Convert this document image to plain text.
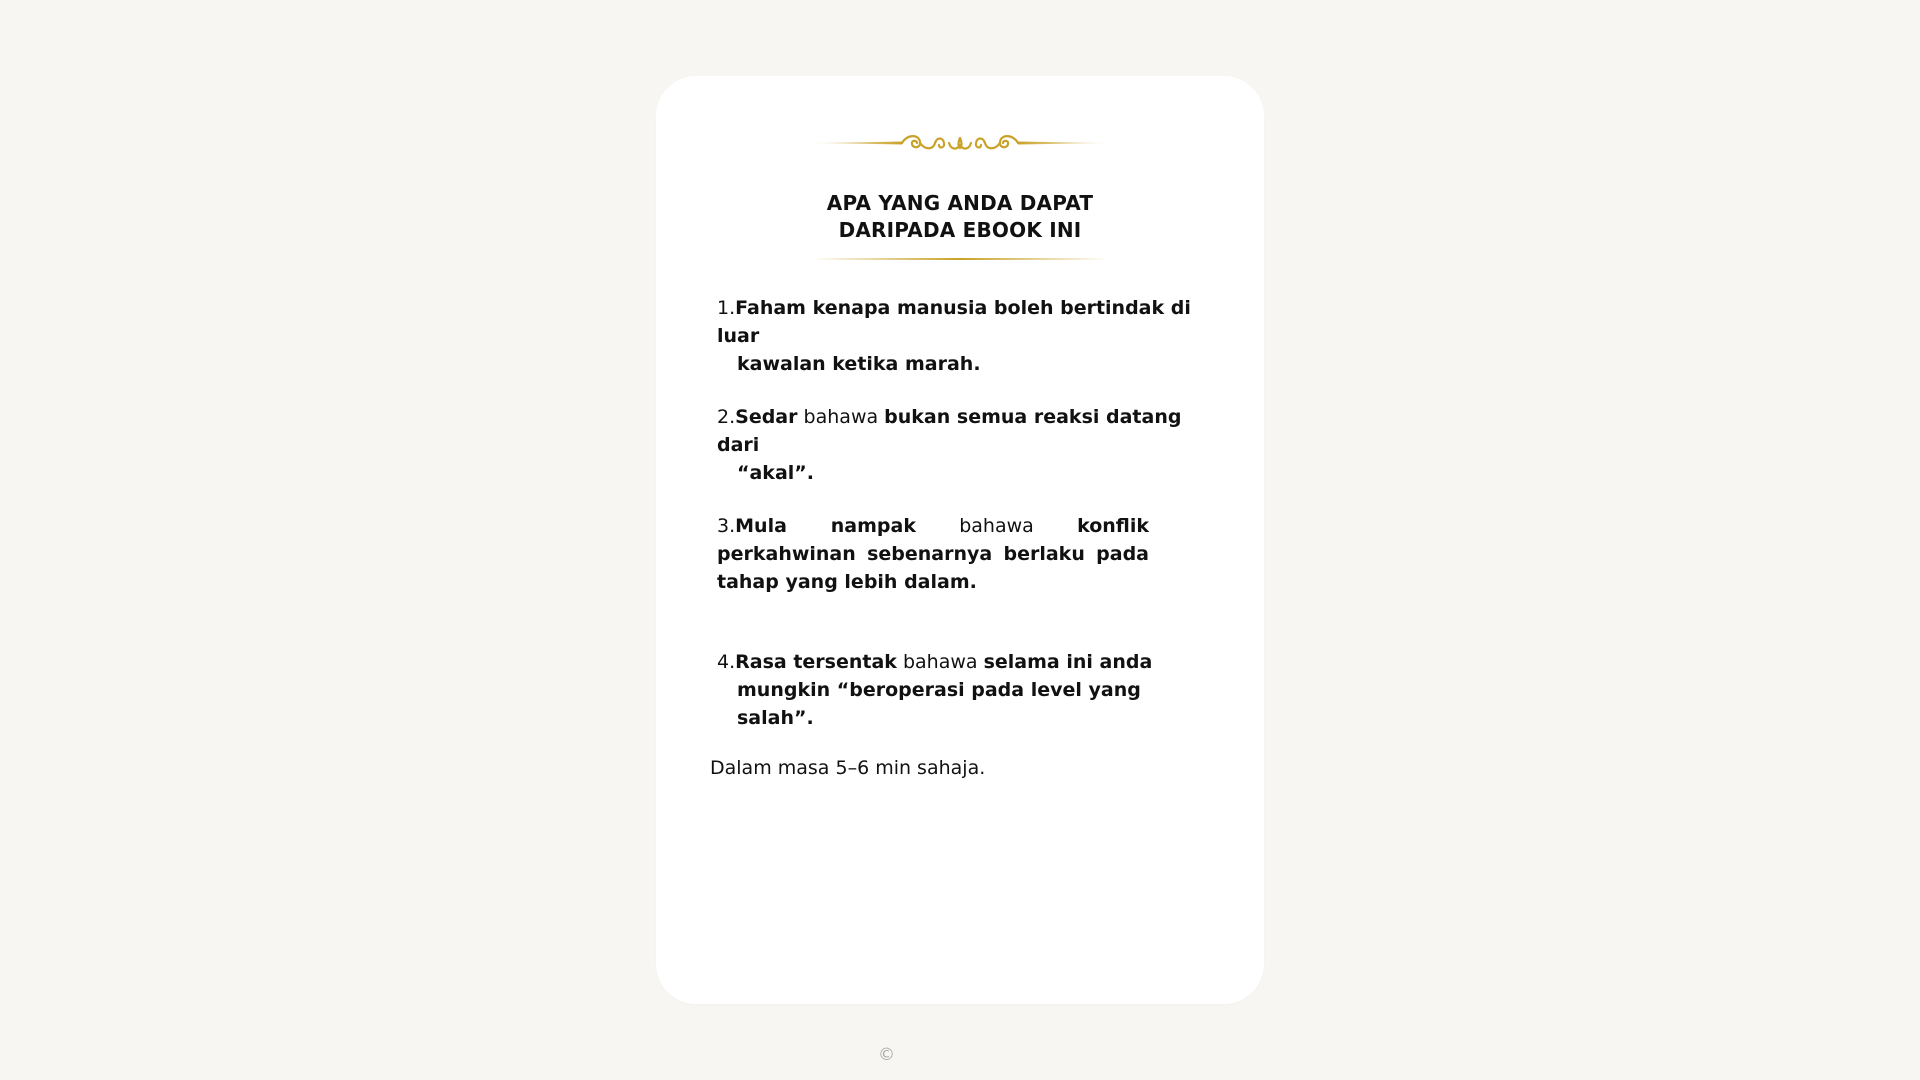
APA YANG ANDA DAPAT
DARIPADA EBOOK INI
1.Faham kenapa manusia boleh bertindak di luar
kawalan ketika marah.
2.Sedar bahawa bukan semua reaksi datang dari
“akal”.
3.Mula nampak bahawa konflik perkahwinan sebenarnya berlaku pada tahap yang lebih dalam.
4.Rasa tersentak bahawa selama ini anda
mungkin “beroperasi pada level yang salah”.
Dalam masa 5–6 min sahaja.
©
